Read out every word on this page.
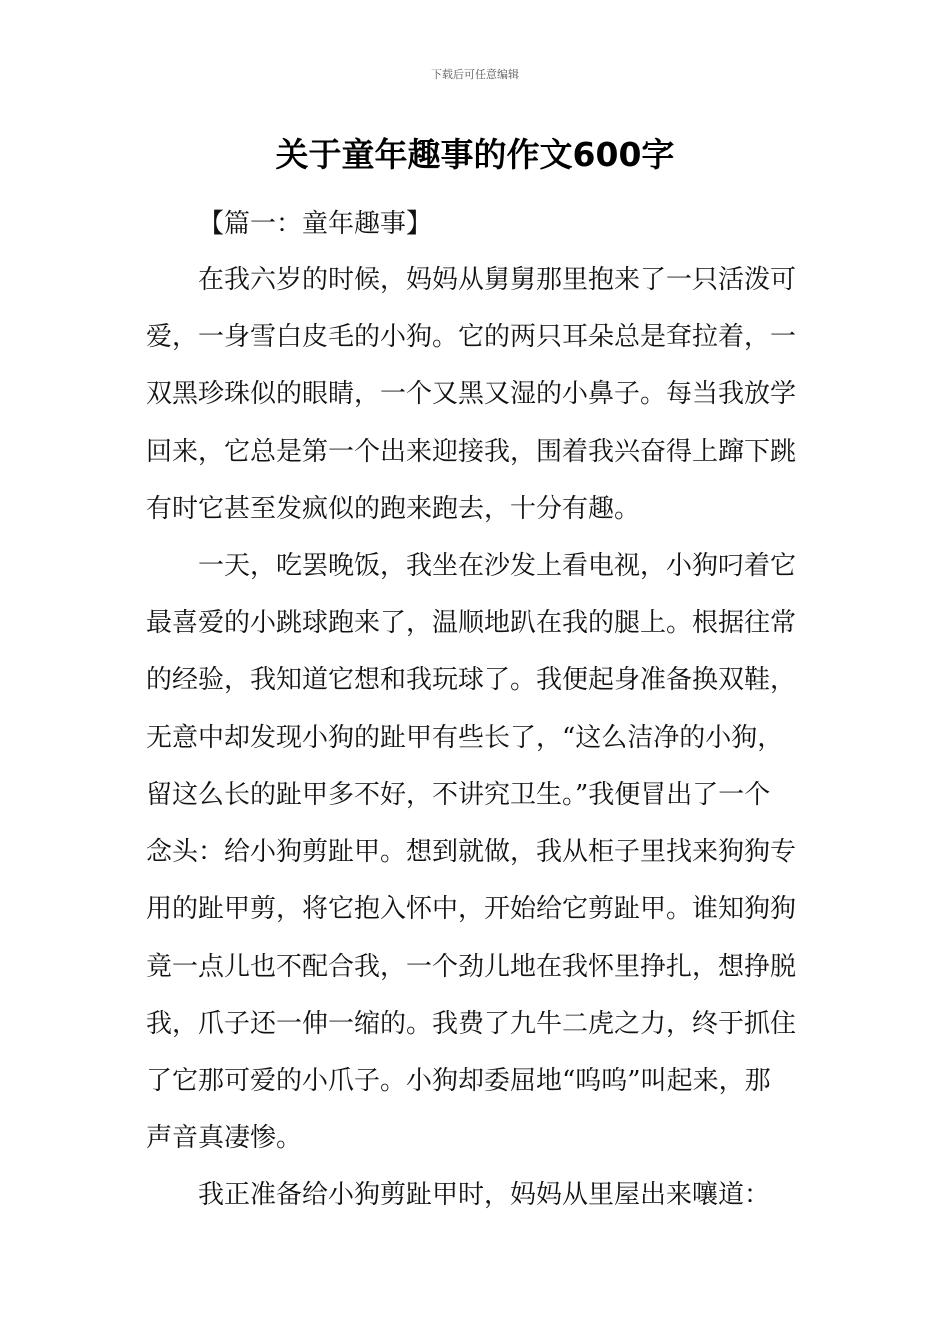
下载后可任意编辑
关于童年趣事的作文600字
【篇一：童年趣事】
在我六岁的时候，妈妈从舅舅那里抱来了一只活泼可
爱，一身雪白皮毛的小狗。它的两只耳朵总是耷拉着，一
双黑珍珠似的眼睛，一个又黑又湿的小鼻子。每当我放学
回来，它总是第一个出来迎接我，围着我兴奋得上蹿下跳
有时它甚至发疯似的跑来跑去，十分有趣。
一天，吃罢晚饭，我坐在沙发上看电视，小狗叼着它
最喜爱的小跳球跑来了，温顺地趴在我的腿上。根据往常
的经验，我知道它想和我玩球了。我便起身准备换双鞋，
无意中却发现小狗的趾甲有些长了，“这么洁净的小狗，
留这么长的趾甲多不好，不讲究卫生。”我便冒出了一个
念头：给小狗剪趾甲。想到就做，我从柜子里找来狗狗专
用的趾甲剪，将它抱入怀中，开始给它剪趾甲。谁知狗狗
竟一点儿也不配合我，一个劲儿地在我怀里挣扎，想挣脱
我，爪子还一伸一缩的。我费了九牛二虎之力，终于抓住
了它那可爱的小爪子。小狗却委屈地“呜呜”叫起来，那
声音真凄惨。
我正准备给小狗剪趾甲时，妈妈从里屋出来嚷道：
